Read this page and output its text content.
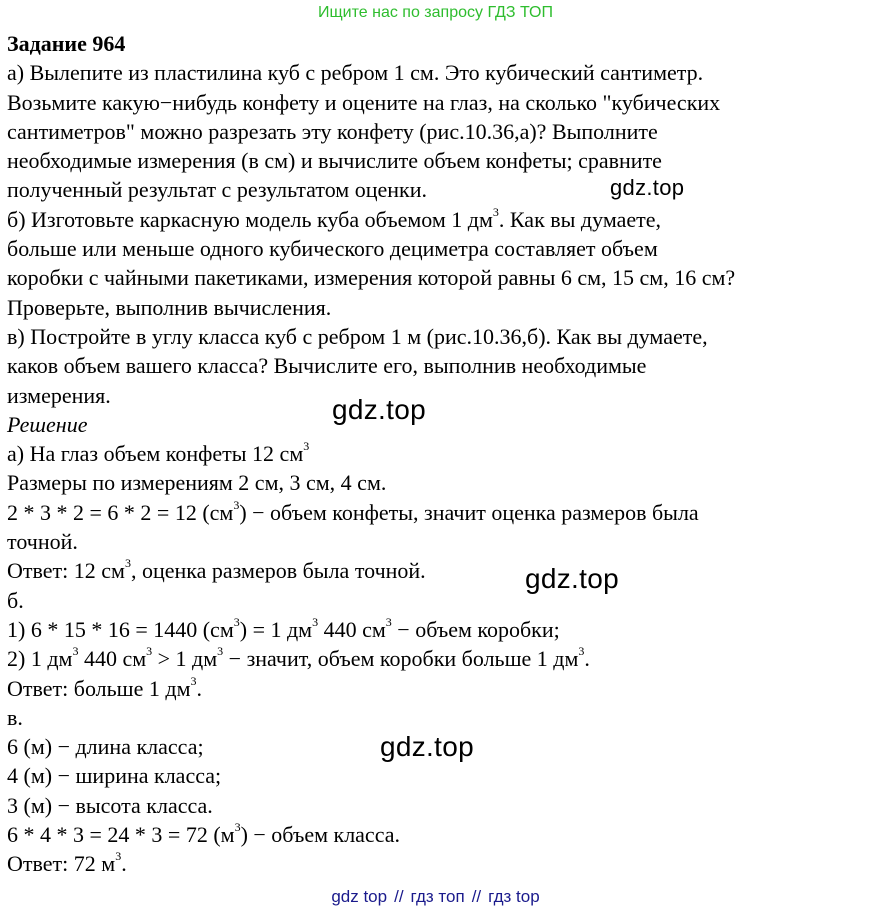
Ищите нас по запросу ГДЗ ТОП
Задание 964
а) Вылепите из пластилина куб с ребром 1 см. Это кубический сантиметр.
Возьмите какую−нибудь конфету и оцените на глаз, на сколько "кубических
сантиметров" можно разрезать эту конфету (рис.10.36,а)? Выполните
необходимые измерения (в см) и вычислите объем конфеты; сравните
полученный результат с результатом оценки.
б) Изготовьте каркасную модель куба объемом 1 $дм^3$. Как вы думаете,
больше или меньше одного кубического дециметра составляет объем
коробки с чайными пакетиками, измерения которой равны 6 см, 15 см, 16 см?
Проверьте, выполнив вычисления.
в) Постройте в углу класса куб с ребром 1 м (рис.10.36,б). Как вы думаете,
каков объем вашего класса? Вычислите его, выполнив необходимые
измерения.
Решение
а) На глаз объем конфеты 12 $см^3$
Размеры по измерениям 2 см, 3 см, 4 см.
2 * 3 * 2 = 6 * 2 = 12 $(см^3)$ − объем конфеты, значит оценка размеров была
точной.
Ответ: 12 $см^3$, оценка размеров была точной.
б.
1) 6 * 15 * 16 = 1440 $(см^3) = 1$ $дм^3$ 440 $см^3$ − объем коробки;
2) 1 $дм^3$ 440 $см^3 > 1$ $дм^3$ − значит, объем коробки больше 1 $дм^3$.
Ответ: больше 1 $дм^3$.
в.
6 (м) − длина класса;
4 (м) − ширина класса;
3 (м) − высота класса.
6 * 4 * 3 = 24 * 3 = 72 $(м^3)$ − объем класса.
Ответ: 72 $м^3$.
gdz.top
gdz.top
gdz.top
gdz.top
gdz top // гдз топ // гдз top
